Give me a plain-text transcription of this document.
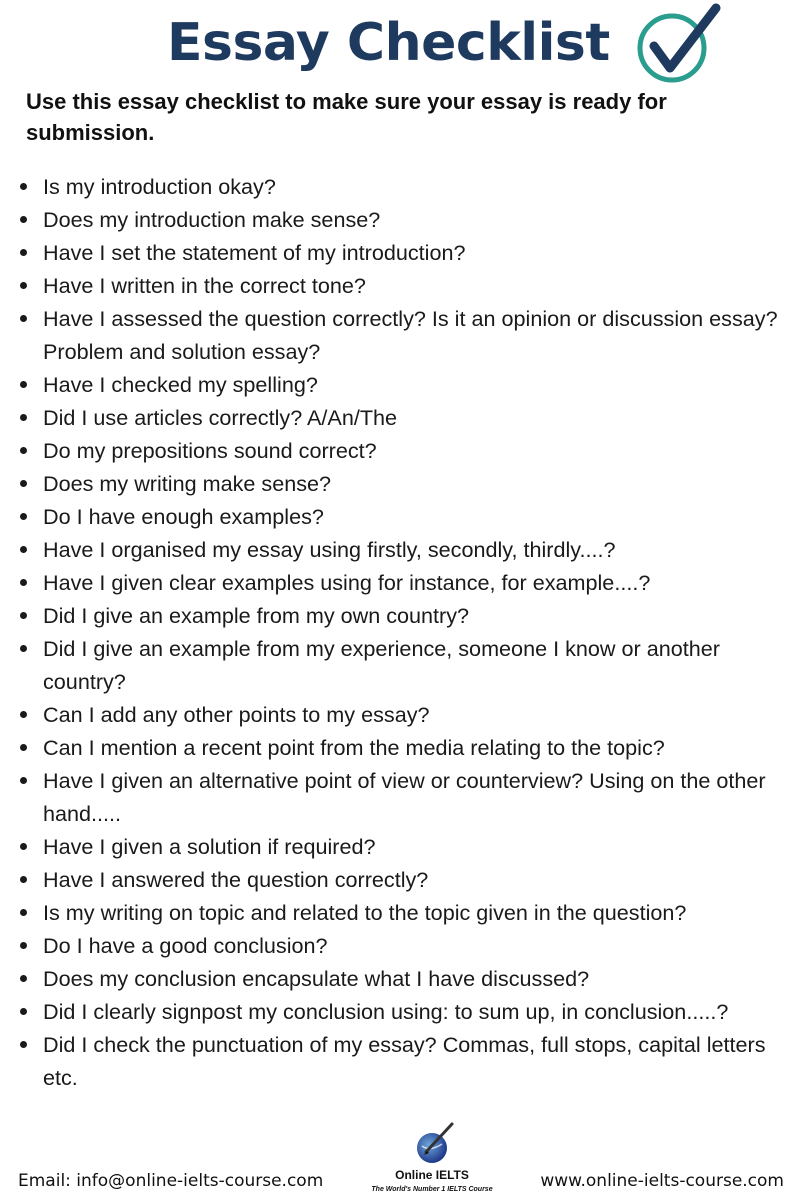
Essay Checklist

Use this essay checklist to make sure your essay is ready for submission.

Is my introduction okay?
Does my introduction make sense?
Have I set the statement of my introduction?
Have I written in the correct tone?
Have I assessed the question correctly? Is it an opinion or discussion essay? Problem and solution essay?
Have I checked my spelling?
Did I use articles correctly? A/An/The
Do my prepositions sound correct?
Does my writing make sense?
Do I have enough examples?
Have I organised my essay using firstly, secondly, thirdly....?
Have I given clear examples using for instance, for example....?
Did I give an example from my own country?
Did I give an example from my experience, someone I know or another country?
Can I add any other points to my essay?
Can I mention a recent point from the media relating to the topic?
Have I given an alternative point of view or counterview? Using on the other hand.....
Have I given a solution if required?
Have I answered the question correctly?
Is my writing on topic and related to the topic given in the question?
Do I have a good conclusion?
Does my conclusion encapsulate what I have discussed?
Did I clearly signpost my conclusion using: to sum up, in conclusion.....?
Did I check the punctuation of my essay? Commas, full stops, capital letters etc.
Email: info@online-ielts-course.com	Online IELTS
The World's Number 1 IELTS Course	www.online-ielts-course.com
